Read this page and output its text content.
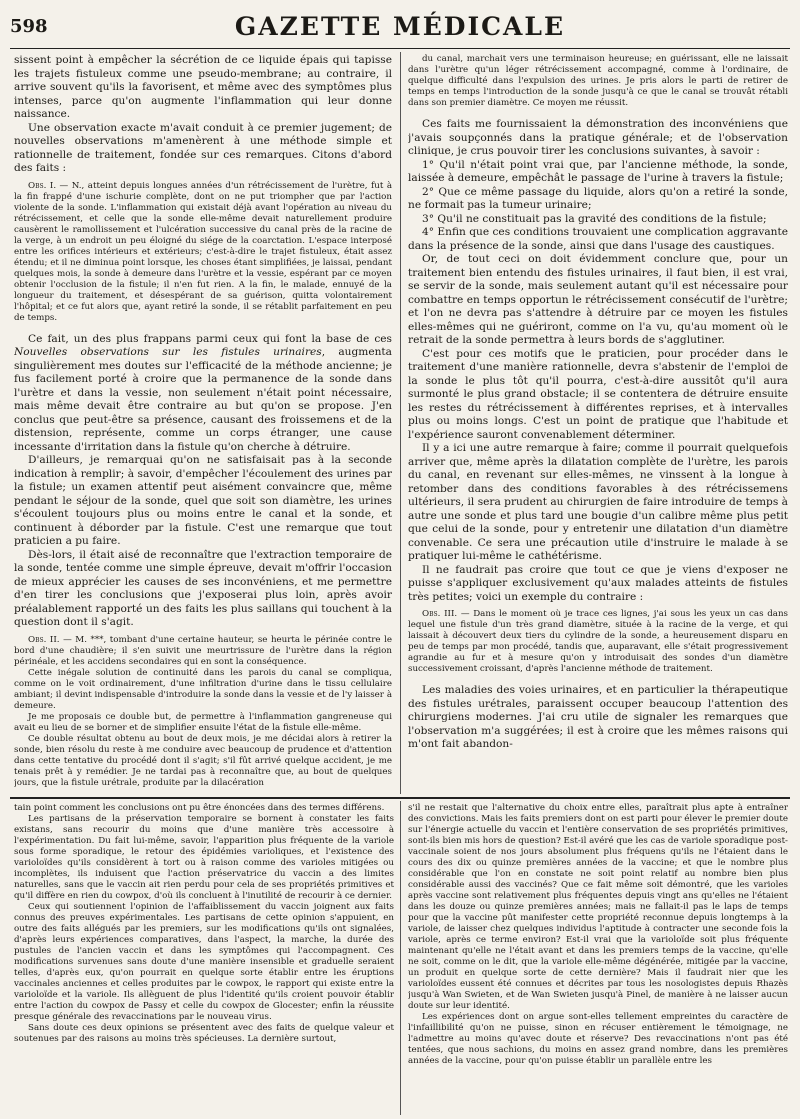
598	GAZETTE MÉDICALE

sissent point à empêcher la sécrétion de ce liquide épais qui tapisse les trajets fistuleux comme une pseudo-membrane; au contraire, il arrive souvent qu'ils la favorisent, et même avec des symptômes plus intenses, parce qu'on augmente l'inflammation qui leur donne naissance.

Une observation exacte m'avait conduit à ce premier jugement; de nouvelles observations m'amenèrent à une méthode simple et rationnelle de traitement, fondée sur ces remarques. Citons d'abord des faits :

Obs. I. — N., atteint depuis longues années d'un rétrécissement de l'urètre, fut à la fin frappé d'une ischurie complète, dont on ne put triompher que par l'action violente de la sonde. L'inflammation qui existait déjà avant l'opération au niveau du rétrécissement, et celle que la sonde elle-même devait naturellement produire causèrent le ramollissement et l'ulcération successive du canal près de la racine de la verge, à un endroit un peu éloigné du siége de la coarctation. L'espace interposé entre les orifices intérieurs et extérieurs; c'est-à-dire le trajet fistuleux, était assez étendu; et il ne diminua point lorsque, les choses étant simplifiées, je laissai, pendant quelques mois, la sonde à demeure dans l'urètre et la vessie, espérant par ce moyen obtenir l'occlusion de la fistule; il n'en fut rien. A la fin, le malade, ennuyé de la longueur du traitement, et désespérant de sa guérison, quitta volontairement l'hôpital; et ce fut alors que, ayant retiré la sonde, il se rétablit parfaitement en peu de temps.

Ce fait, un des plus frappans parmi ceux qui font la base de ces Nouvelles observations sur les fistules urinaires, augmenta singulièrement mes doutes sur l'efficacité de la méthode ancienne; je fus facilement porté à croire que la permanence de la sonde dans l'urètre et dans la vessie, non seulement n'était point nécessaire, mais même devait être contraire au but qu'on se propose. J'en conclus que peut-être sa présence, causant des froissemens et de la distension, représente, comme un corps étranger, une cause incessante d'irritation dans la fistule qu'on cherche à détruire.

D'ailleurs, je remarquai qu'on ne satisfaisait pas à la seconde indication à remplir; à savoir, d'empêcher l'écoulement des urines par la fistule; un examen attentif peut aisément convaincre que, même pendant le séjour de la sonde, quel que soit son diamètre, les urines s'écoulent toujours plus ou moins entre le canal et la sonde, et continuent à déborder par la fistule. C'est une remarque que tout praticien a pu faire.

Dès-lors, il était aisé de reconnaître que l'extraction temporaire de la sonde, tentée comme une simple épreuve, devait m'offrir l'occasion de mieux apprécier les causes de ses inconvéniens, et me permettre d'en tirer les conclusions que j'exposerai plus loin, après avoir préalablement rapporté un des faits les plus saillans qui touchent à la question dont il s'agit.

Obs. II. — M. ***, tombant d'une certaine hauteur, se heurta le périnée contre le bord d'une chaudière; il s'en suivit une meurtrissure de l'urètre dans la région périnéale, et les accidens secondaires qui en sont la conséquence.

Cette inégale solution de continuité dans les parois du canal se compliqua, comme on le voit ordinairement, d'une infiltration d'urine dans le tissu cellulaire ambiant; il devint indispensable d'introduire la sonde dans la vessie et de l'y laisser à demeure.

Je me proposais ce double but, de permettre à l'inflammation gangreneuse qui avait eu lieu de se borner et de simplifier ensuite l'état de la fistule elle-même.

Ce double résultat obtenu au bout de deux mois, je me décidai alors à retirer la sonde, bien résolu du reste à me conduire avec beaucoup de prudence et d'attention dans cette tentative du procédé dont il s'agit; s'il fût arrivé quelque accident, je me tenais prêt à y remédier. Je ne tardai pas à reconnaître que, au bout de quelques jours, que la fistule urétrale, produite par la dilacération

du canal, marchait vers une terminaison heureuse; en guérissant, elle ne laissait dans l'urètre qu'un léger rétrécissement accompagné, comme à l'ordinaire, de quelque difficulté dans l'expulsion des urines. Je pris alors le parti de retirer de temps en temps l'introduction de la sonde jusqu'à ce que le canal se trouvât rétabli dans son premier diamètre. Ce moyen me réussit.

Ces faits me fournissaient la démonstration des inconvéniens que j'avais soupçonnés dans la pratique générale; et de l'observation clinique, je crus pouvoir tirer les conclusions suivantes, à savoir :

1° Qu'il n'était point vrai que, par l'ancienne méthode, la sonde, laissée à demeure, empêchât le passage de l'urine à travers la fistule;

2° Que ce même passage du liquide, alors qu'on a retiré la sonde, ne formait pas la tumeur urinaire;

3° Qu'il ne constituait pas la gravité des conditions de la fistule;

4° Enfin que ces conditions trouvaient une complication aggravante dans la présence de la sonde, ainsi que dans l'usage des caustiques.

Or, de tout ceci on doit évidemment conclure que, pour un traitement bien entendu des fistules urinaires, il faut bien, il est vrai, se servir de la sonde, mais seulement autant qu'il est nécessaire pour combattre en temps opportun le rétrécissement consécutif de l'urètre; et l'on ne devra pas s'attendre à détruire par ce moyen les fistules elles-mêmes qui ne guériront, comme on l'a vu, qu'au moment où le retrait de la sonde permettra à leurs bords de s'agglutiner.

C'est pour ces motifs que le praticien, pour procéder dans le traitement d'une manière rationnelle, devra s'abstenir de l'emploi de la sonde le plus tôt qu'il pourra, c'est-à-dire aussitôt qu'il aura surmonté le plus grand obstacle; il se contentera de détruire ensuite les restes du rétrécissement à différentes reprises, et à intervalles plus ou moins longs. C'est un point de pratique que l'habitude et l'expérience sauront convenablement déterminer.

Il y a ici une autre remarque à faire; comme il pourrait quelquefois arriver que, même après la dilatation complète de l'urètre, les parois du canal, en revenant sur elles-mêmes, ne vinssent à la longue à retomber dans des conditions favorables à des rétrécissemens ultérieurs, il sera prudent au chirurgien de faire introduire de temps à autre une sonde et plus tard une bougie d'un calibre même plus petit que celui de la sonde, pour y entretenir une dilatation d'un diamètre convenable. Ce sera une précaution utile d'instruire le malade à se pratiquer lui-même le cathétérisme.

Il ne faudrait pas croire que tout ce que je viens d'exposer ne puisse s'appliquer exclusivement qu'aux malades atteints de fistules très petites; voici un exemple du contraire :

Obs. III. — Dans le moment où je trace ces lignes, j'ai sous les yeux un cas dans lequel une fistule d'un très grand diamètre, située à la racine de la verge, et qui laissait à découvert deux tiers du cylindre de la sonde, a heureusement disparu en peu de temps par mon procédé, tandis que, auparavant, elle s'était progressivement agrandie au fur et à mesure qu'on y introduisait des sondes d'un diamètre successivement croissant, d'après l'ancienne méthode de traitement.

Les maladies des voies urinaires, et en particulier la thérapeutique des fistules urétrales, paraissent occuper beaucoup l'attention des chirurgiens modernes. J'ai cru utile de signaler les remarques que l'observation m'a suggérées; il est à croire que les mêmes raisons qui m'ont fait abandon-

tain point comment les conclusions ont pu être énoncées dans des termes différens.

Les partisans de la préservation temporaire se bornent à constater les faits existans, sans recourir du moins que d'une manière très accessoire à l'expérimentation. Du fait lui-même, savoir, l'apparition plus fréquente de la variole sous forme sporadique, le retour des épidémies varioliques, et l'existence des varioloïdes qu'ils considèrent à tort ou à raison comme des varioles mitigées ou incomplètes, ils induisent que l'action préservatrice du vaccin a des limites naturelles, sans que le vaccin ait rien perdu pour cela de ses propriétés primitives et qu'il diffère en rien du cowpox, d'où ils concluent à l'inutilité de recourir à ce dernier.

Ceux qui soutiennent l'opinion de l'affaiblissement du vaccin joignent aux faits connus des preuves expérimentales. Les partisans de cette opinion s'appuient, en outre des faits allégués par les premiers, sur les modifications qu'ils ont signalées, d'après leurs expériences comparatives, dans l'aspect, la marche, la durée des pustules de l'ancien vaccin et dans les symptômes qui l'accompagnent. Ces modifications survenues sans doute d'une manière insensible et graduelle seraient telles, d'après eux, qu'on pourrait en quelque sorte établir entre les éruptions vaccinales anciennes et celles produites par le cowpox, le rapport qui existe entre la varioloïde et la variole. Ils allèguent de plus l'identité qu'ils croient pouvoir établir entre l'action du cowpox de Passy et celle du cowpox de Glocester; enfin la réussite presque générale des revaccinations par le nouveau virus.

Sans doute ces deux opinions se présentent avec des faits de quelque valeur et soutenues par des raisons au moins très spécieuses. La dernière surtout,

s'il ne restait que l'alternative du choix entre elles, paraîtrait plus apte à entraîner des convictions. Mais les faits premiers dont on est parti pour élever le premier doute sur l'énergie actuelle du vaccin et l'entière conservation de ses propriétés primitives, sont-ils bien mis hors de question? Est-il avéré que les cas de variole sporadique post-vaccinale soient de nos jours absolument plus fréquens qu'ils ne l'étaient dans le cours des dix ou quinze premières années de la vaccine; et que le nombre plus considérable que l'on en constate ne soit point relatif au nombre bien plus considérable aussi des vaccinés? Que ce fait même soit démontré, que les varioles après vaccine sont relativement plus fréquentes depuis vingt ans qu'elles ne l'étaient dans les douze ou quinze premières années; mais ne fallait-il pas le laps de temps pour que la vaccine pût manifester cette propriété reconnue depuis longtemps à la variole, de laisser chez quelques individus l'aptitude à contracter une seconde fois la variole, après ce terme environ? Est-il vrai que la varioloïde soit plus fréquente maintenant qu'elle ne l'était avant et dans les premiers temps de la vaccine, qu'elle ne soit, comme on le dit, que la variole elle-même dégénérée, mitigée par la vaccine, un produit en quelque sorte de cette dernière? Mais il faudrait nier que les varioloïdes eussent été connues et décrites par tous les nosologistes depuis Rhazès jusqu'à Wan Swieten, et de Wan Swieten jusqu'à Pinel, de manière à ne laisser aucun doute sur leur identité.

Les expériences dont on argue sont-elles tellement empreintes du caractère de l'infaillibilité qu'on ne puisse, sinon en récuser entièrement le témoignage, ne l'admettre au moins qu'avec doute et réserve? Des revaccinations n'ont pas été tentées, que nous sachions, du moins en assez grand nombre, dans les premières années de la vaccine, pour qu'on puisse établir un parallèle entre les
